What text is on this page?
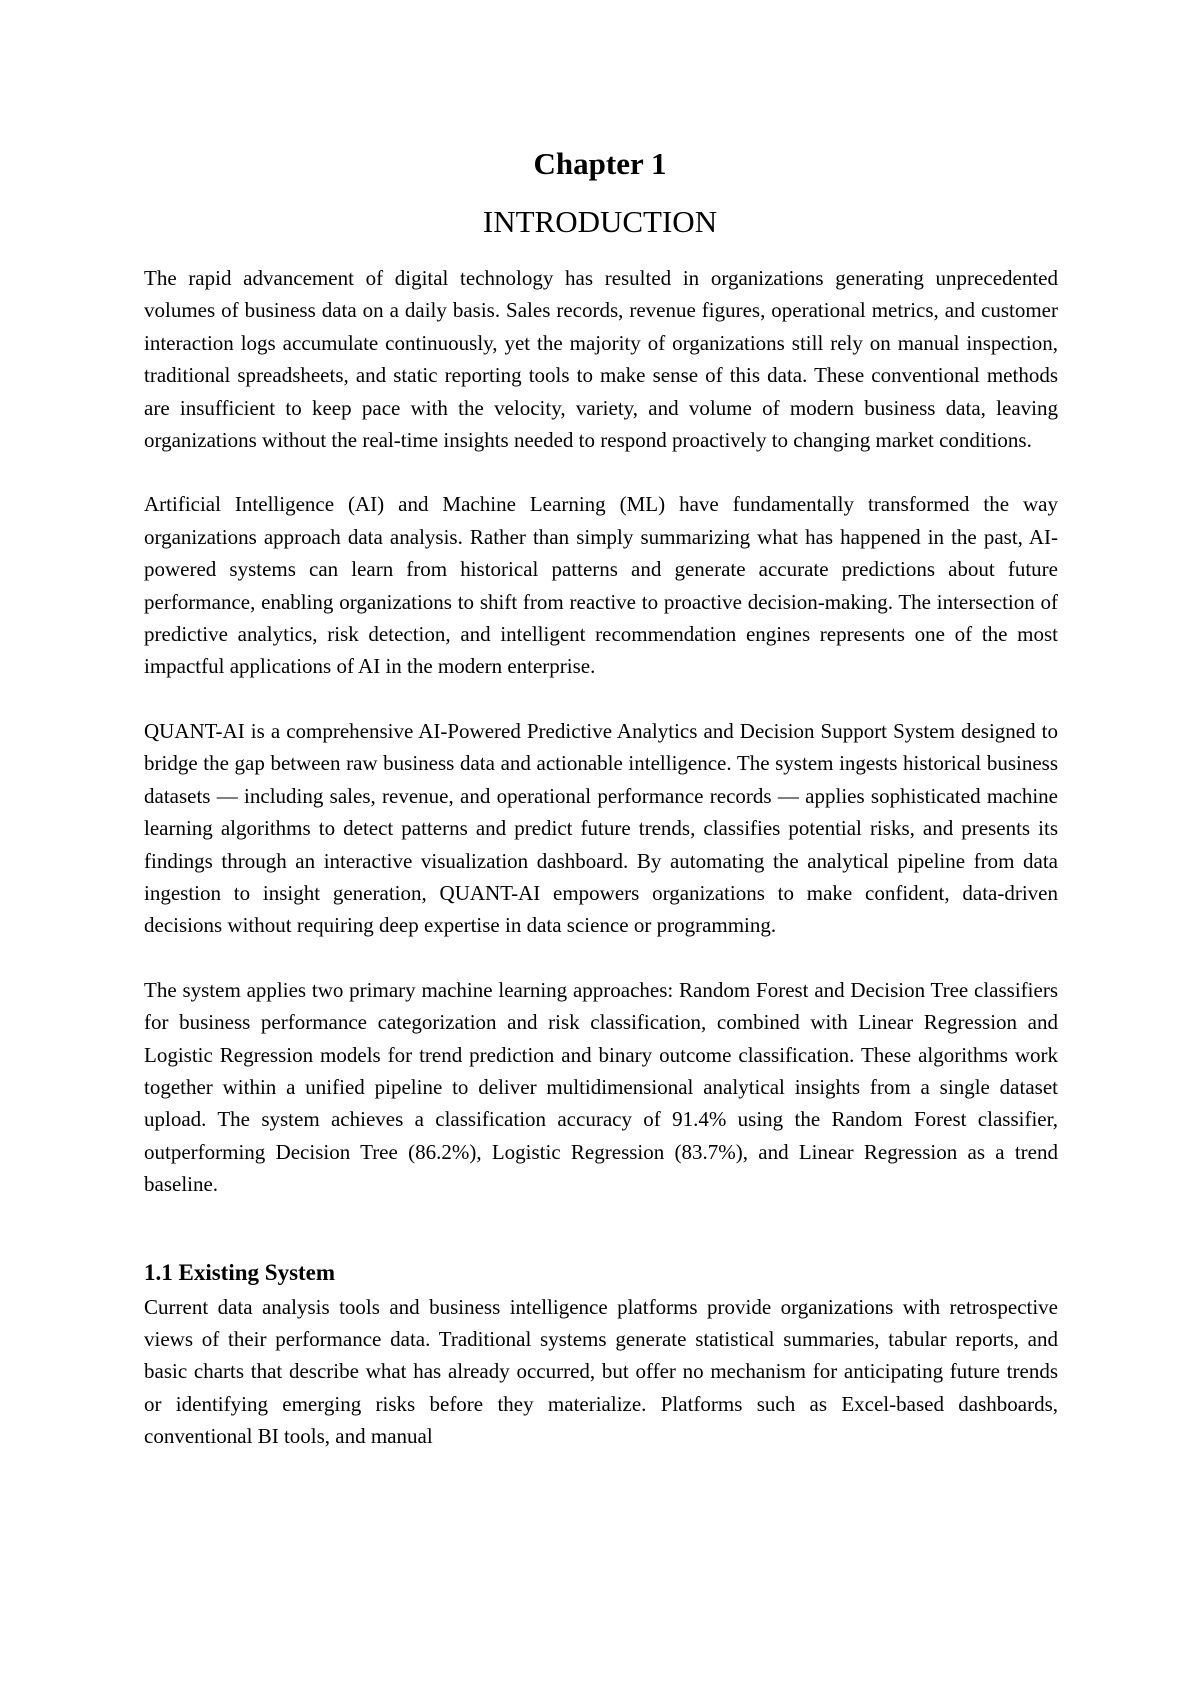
Chapter 1
INTRODUCTION

The rapid advancement of digital technology has resulted in organizations generating unprecedented volumes of business data on a daily basis. Sales records, revenue figures, operational metrics, and customer interaction logs accumulate continuously, yet the majority of organizations still rely on manual inspection, traditional spreadsheets, and static reporting tools to make sense of this data. These conventional methods are insufficient to keep pace with the velocity, variety, and volume of modern business data, leaving organizations without the real-time insights needed to respond proactively to changing market conditions.

Artificial Intelligence (AI) and Machine Learning (ML) have fundamentally transformed the way organizations approach data analysis. Rather than simply summarizing what has happened in the past, AI-powered systems can learn from historical patterns and generate accurate predictions about future performance, enabling organizations to shift from reactive to proactive decision-making. The intersection of predictive analytics, risk detection, and intelligent recommendation engines represents one of the most impactful applications of AI in the modern enterprise.

QUANT-AI is a comprehensive AI-Powered Predictive Analytics and Decision Support System designed to bridge the gap between raw business data and actionable intelligence. The system ingests historical business datasets — including sales, revenue, and operational performance records — applies sophisticated machine learning algorithms to detect patterns and predict future trends, classifies potential risks, and presents its findings through an interactive visualization dashboard. By automating the analytical pipeline from data ingestion to insight generation, QUANT-AI empowers organizations to make confident, data-driven decisions without requiring deep expertise in data science or programming.

The system applies two primary machine learning approaches: Random Forest and Decision Tree classifiers for business performance categorization and risk classification, combined with Linear Regression and Logistic Regression models for trend prediction and binary outcome classification. These algorithms work together within a unified pipeline to deliver multidimensional analytical insights from a single dataset upload. The system achieves a classification accuracy of 91.4% using the Random Forest classifier, outperforming Decision Tree (86.2%), Logistic Regression (83.7%), and Linear Regression as a trend baseline.

1.1 Existing System

Current data analysis tools and business intelligence platforms provide organizations with retrospective views of their performance data. Traditional systems generate statistical summaries, tabular reports, and basic charts that describe what has already occurred, but offer no mechanism for anticipating future trends or identifying emerging risks before they materialize. Platforms such as Excel-based dashboards, conventional BI tools, and manual
